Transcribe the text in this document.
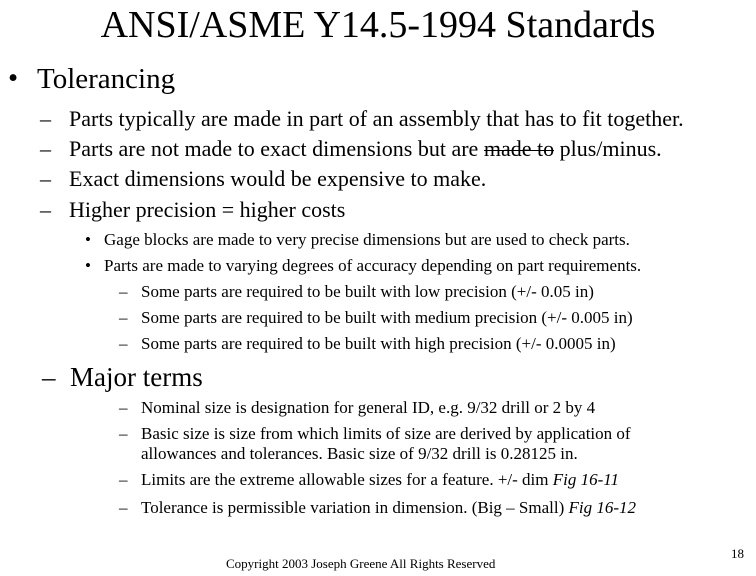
ANSI/ASME Y14.5-1994 Standards
• Tolerancing
– Parts typically are made in part of an assembly that has to fit together.
– Parts are not made to exact dimensions but are made to plus/minus.
– Exact dimensions would be expensive to make.
– Higher precision = higher costs
• Gage blocks are made to very precise dimensions but are used to check parts.
• Parts are made to varying degrees of accuracy depending on part requirements.
– Some parts are required to be built with low precision (+/- 0.05 in)
– Some parts are required to be built with medium precision (+/- 0.005 in)
– Some parts are required to be built with high precision (+/- 0.0005 in)
– Major terms
– Nominal size is designation for general ID, e.g. 9/32 drill or 2 by 4
– Basic size is size from which limits of size are derived by application of
allowances and tolerances. Basic size of 9/32 drill is 0.28125 in.
– Limits are the extreme allowable sizes for a feature. +/- dim Fig 16-11
– Tolerance is permissible variation in dimension. (Big – Small) Fig 16-12
Copyright 2003 Joseph Greene All Rights Reserved
18
